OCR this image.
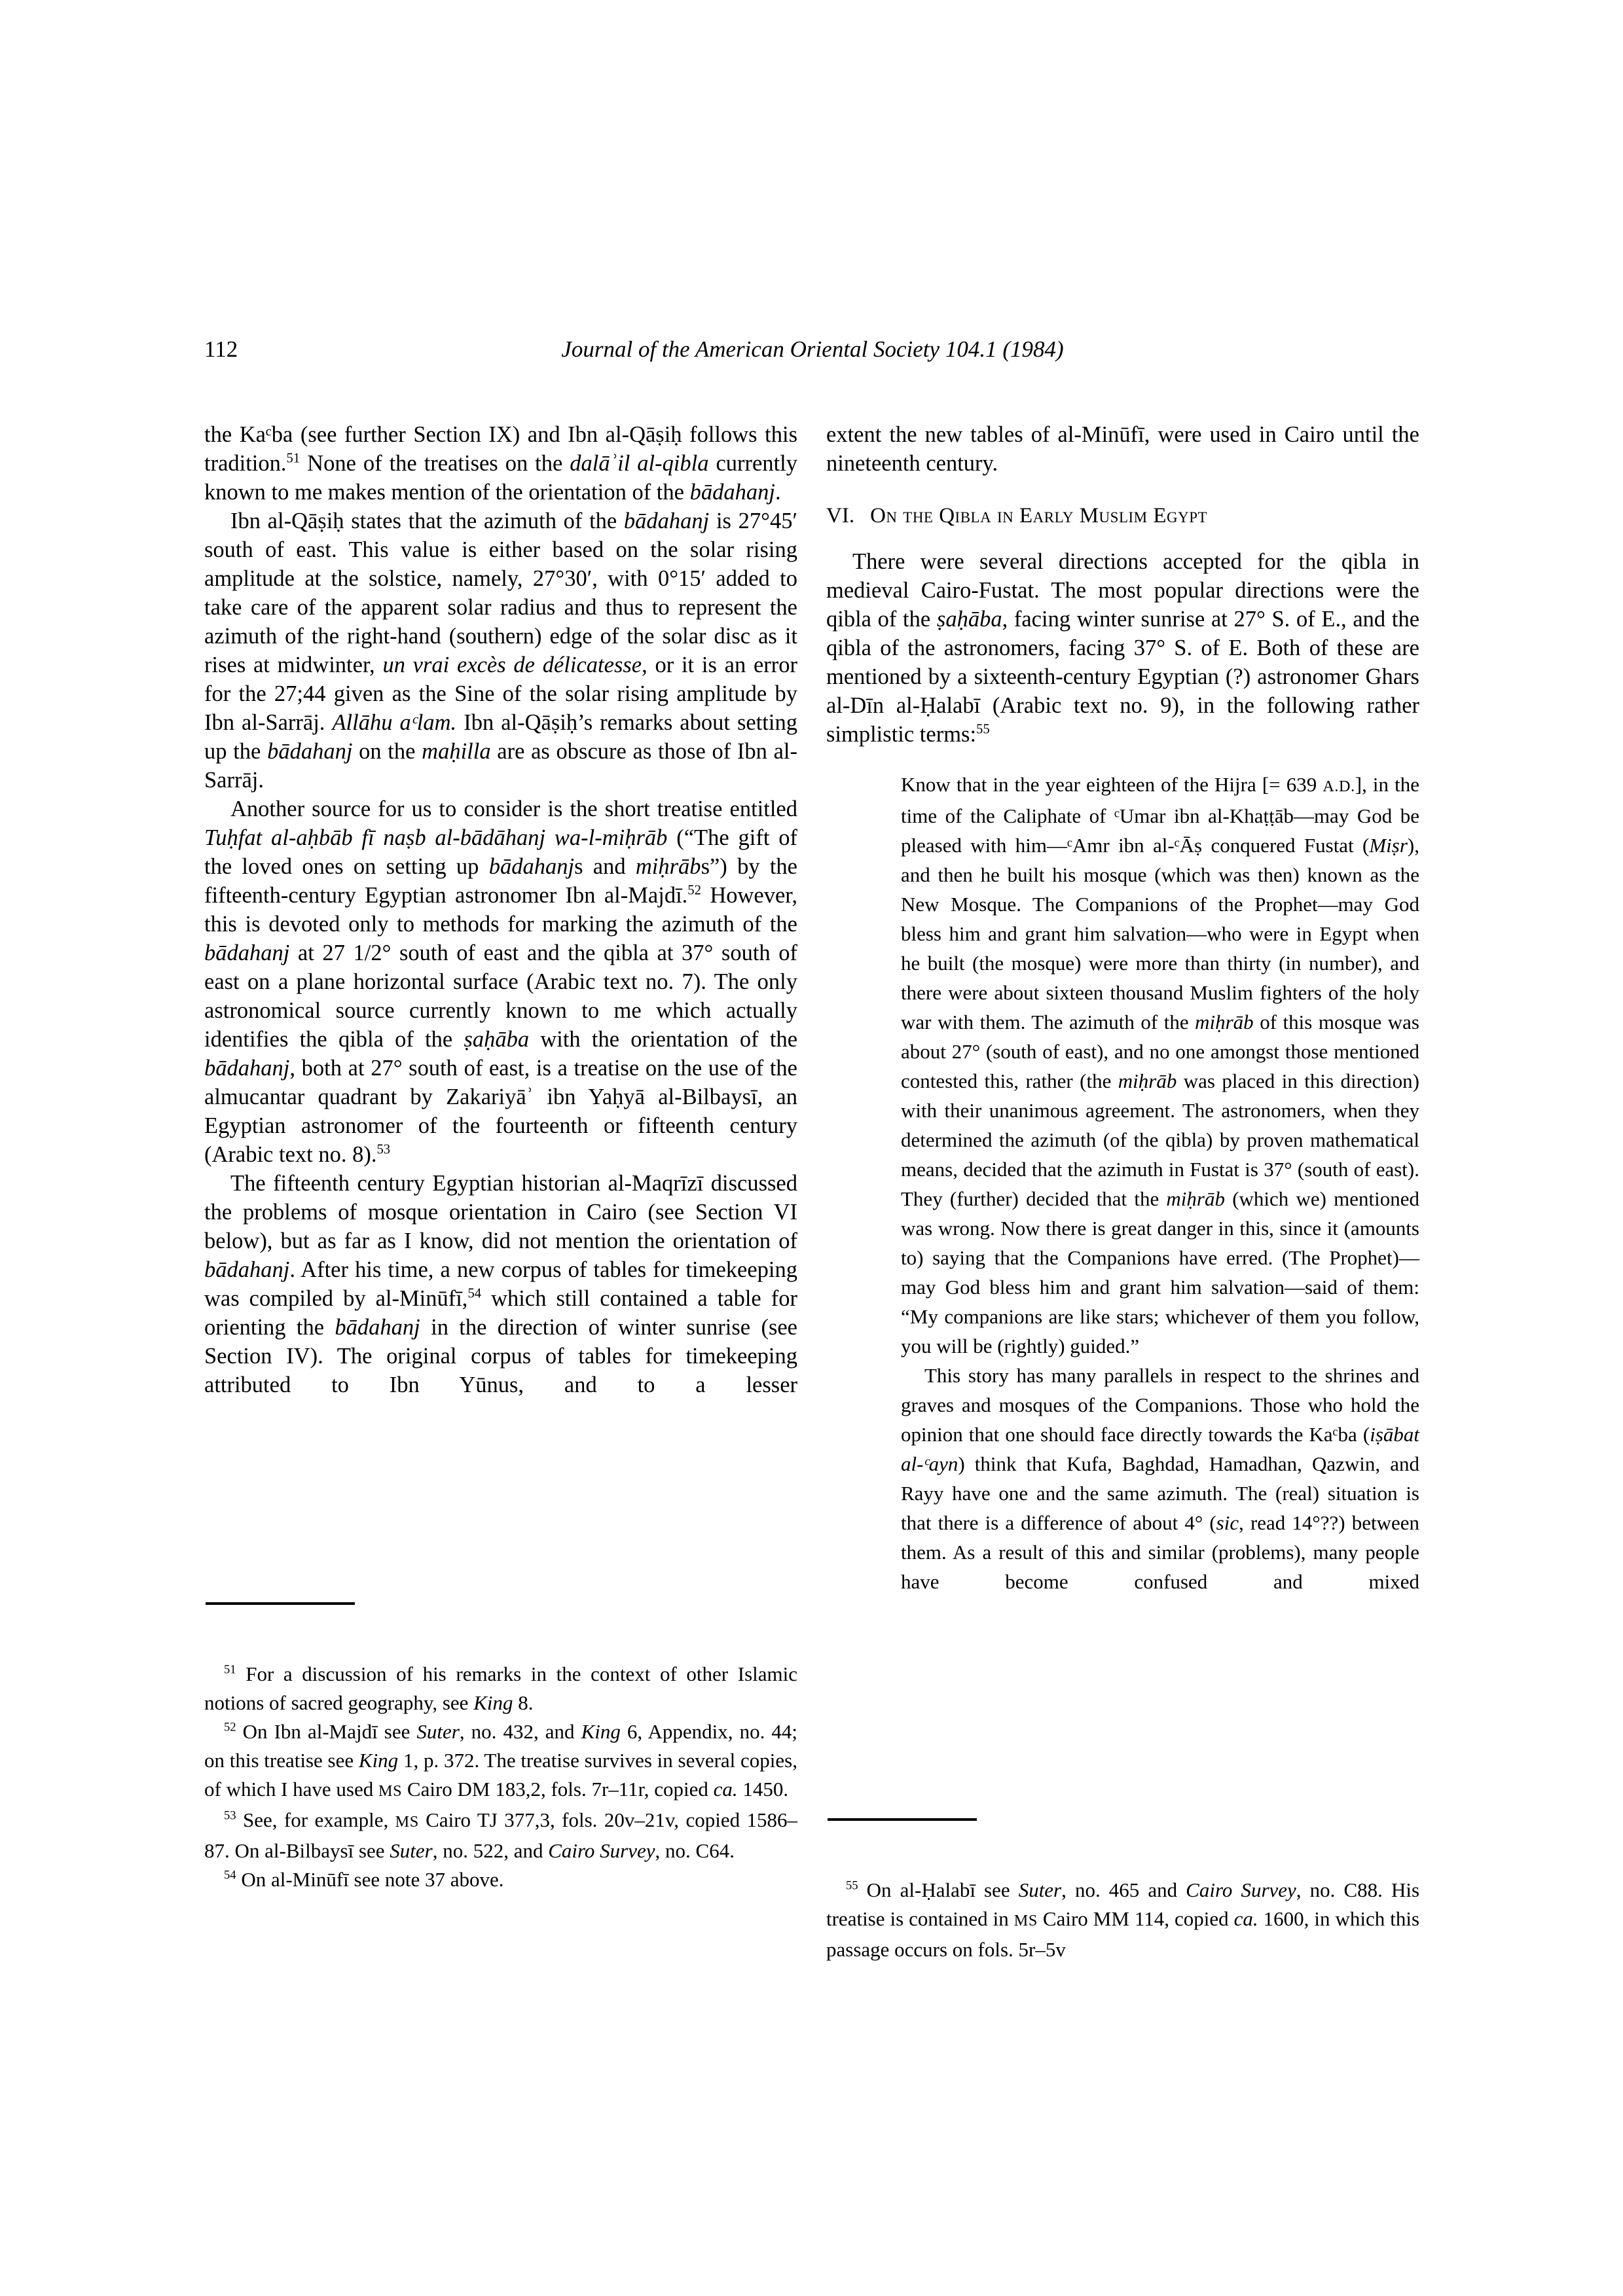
112	Journal of the American Oriental Society 104.1 (1984)

the Kaᶜba (see further Section IX) and Ibn al-Qāṣiḥ follows this tradition.$^{51}$ None of the treatises on the dalāʾil al-qibla currently known to me makes mention of the orientation of the bādahanj.

Ibn al-Qāṣiḥ states that the azimuth of the bādahanj is 27°45′ south of east. This value is either based on the solar rising amplitude at the solstice, namely, 27°30′, with 0°15′ added to take care of the apparent solar radius and thus to represent the azimuth of the right-hand (southern) edge of the solar disc as it rises at midwinter, un vrai excès de délicatesse, or it is an error for the 27;44 given as the Sine of the solar rising amplitude by Ibn al-Sarrāj. Allāhu aᶜlam. Ibn al-Qāṣiḥ’s remarks about setting up the bādahanj on the maḥilla are as obscure as those of Ibn al-Sarrāj.

Another source for us to consider is the short treatise entitled Tuḥfat al-aḥbāb fī naṣb al-bādāhanj wa-l-miḥrāb (“The gift of the loved ones on setting up bādahanjs and miḥrābs”) by the fifteenth-century Egyptian astronomer Ibn al-Majdī.$^{52}$ However, this is devoted only to methods for marking the azimuth of the bādahanj at 27 1/2° south of east and the qibla at 37° south of east on a plane horizontal surface (Arabic text no. 7). The only astronomical source currently known to me which actually identifies the qibla of the ṣaḥāba with the orientation of the bādahanj, both at 27° south of east, is a treatise on the use of the almucantar quadrant by Zakariyāʾ ibn Yaḥyā al-Bilbaysī, an Egyptian astronomer of the fourteenth or fifteenth century (Arabic text no. 8).$^{53}$

The fifteenth century Egyptian historian al-Maqrīzī discussed the problems of mosque orientation in Cairo (see Section VI below), but as far as I know, did not mention the orientation of bādahanj. After his time, a new corpus of tables for timekeeping was compiled by al-Minūfī,$^{54}$ which still contained a table for orienting the bādahanj in the direction of winter sunrise (see Section IV). The original corpus of tables for timekeeping attributed to Ibn Yūnus, and to a lesser

$^{51}$ For a discussion of his remarks in the context of other Islamic notions of sacred geography, see King 8.

$^{52}$ On Ibn al-Majdī see Suter, no. 432, and King 6, Appendix, no. 44; on this treatise see King 1, p. 372. The treatise survives in several copies, of which I have used MS Cairo DM 183,2, fols. 7r–11r, copied ca. 1450.

$^{53}$ See, for example, MS Cairo TJ 377,3, fols. 20v–21v, copied 1586–87. On al-Bilbaysī see Suter, no. 522, and Cairo Survey, no. C64.

$^{54}$ On al-Minūfī see note 37 above.

extent the new tables of al-Minūfī, were used in Cairo until the nineteenth century.

VI. On the Qibla in Early Muslim Egypt

There were several directions accepted for the qibla in medieval Cairo-Fustat. The most popular directions were the qibla of the ṣaḥāba, facing winter sunrise at 27° S. of E., and the qibla of the astronomers, facing 37° S. of E. Both of these are mentioned by a sixteenth-century Egyptian (?) astronomer Ghars al-Dīn al-Ḥalabī (Arabic text no. 9), in the following rather simplistic terms:$^{55}$

Know that in the year eighteen of the Hijra [= 639 A.D.], in the time of the Caliphate of ᶜUmar ibn al-Khaṭṭāb—may God be pleased with him—ᶜAmr ibn al-ᶜĀṣ conquered Fustat (Miṣr), and then he built his mosque (which was then) known as the New Mosque. The Companions of the Prophet—may God bless him and grant him salvation—who were in Egypt when he built (the mosque) were more than thirty (in number), and there were about sixteen thousand Muslim fighters of the holy war with them. The azimuth of the miḥrāb of this mosque was about 27° (south of east), and no one amongst those mentioned contested this, rather (the miḥrāb was placed in this direction) with their unanimous agreement. The astronomers, when they determined the azimuth (of the qibla) by proven mathematical means, decided that the azimuth in Fustat is 37° (south of east). They (further) decided that the miḥrāb (which we) mentioned was wrong. Now there is great danger in this, since it (amounts to) saying that the Companions have erred. (The Prophet)—may God bless him and grant him salvation—said of them: “My companions are like stars; whichever of them you follow, you will be (rightly) guided.”

This story has many parallels in respect to the shrines and graves and mosques of the Companions. Those who hold the opinion that one should face directly towards the Kaᶜba (iṣābat al-ᶜayn) think that Kufa, Baghdad, Hamadhan, Qazwin, and Rayy have one and the same azimuth. The (real) situation is that there is a difference of about 4° (sic, read 14°??) between them. As a result of this and similar (problems), many people have become confused and mixed

$^{55}$ On al-Ḥalabī see Suter, no. 465 and Cairo Survey, no. C88. His treatise is contained in MS Cairo MM 114, copied ca. 1600, in which this passage occurs on fols. 5r–5v
